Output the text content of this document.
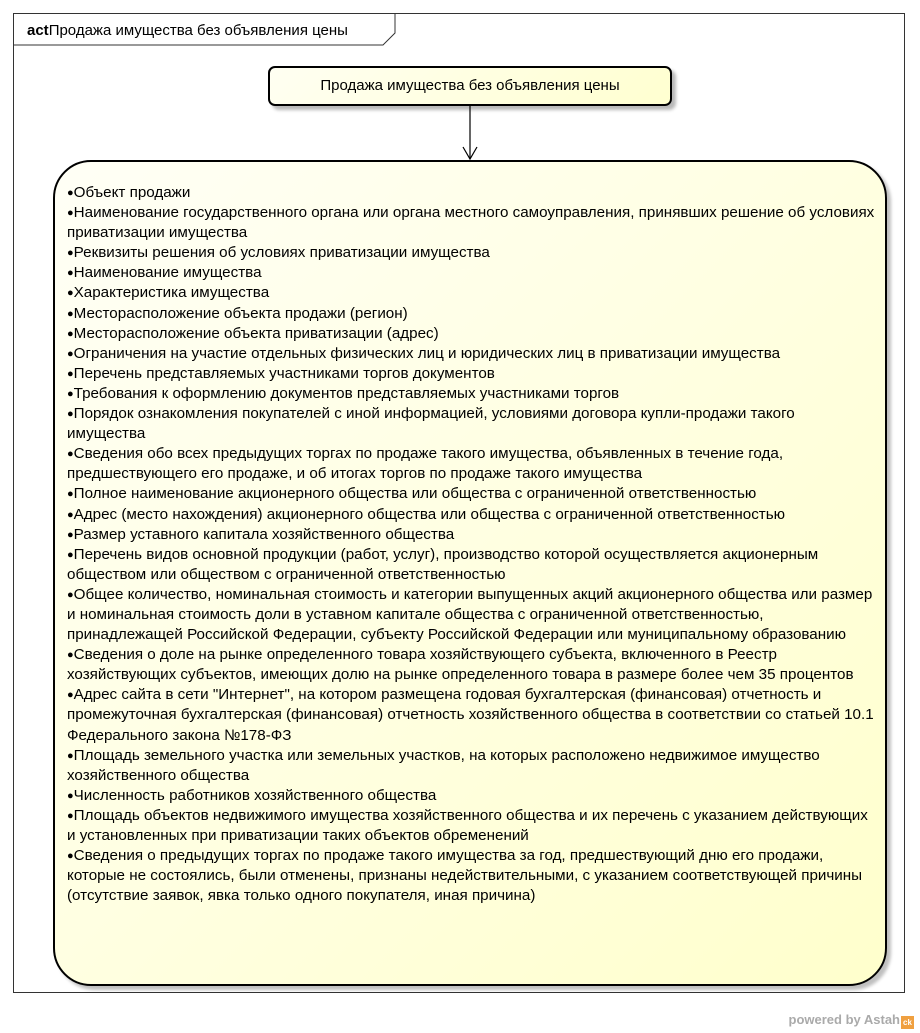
actПродажа имущества без объявления цены
Продажа имущества без объявления цены
● Объект продажи
● Наименование государственного органа или органа местного самоуправления, принявших решение об условиях приватизации имущества
● Реквизиты решения об условиях приватизации имущества
● Наименование имущества
● Характеристика имущества
● Месторасположение объекта продажи (регион)
● Месторасположение объекта приватизации (адрес)
● Ограничения на участие отдельных физических лиц и юридических лиц в приватизации имущества
● Перечень представляемых участниками торгов документов
● Требования к оформлению документов представляемых участниками торгов
● Порядок ознакомления покупателей с иной информацией, условиями договора купли-продажи такого имущества
● Сведения обо всех предыдущих торгах по продаже такого имущества, объявленных в течение года, предшествующего его продаже, и об итогах торгов по продаже такого имущества
● Полное наименование акционерного общества или общества с ограниченной ответственностью
● Адрес (место нахождения) акционерного общества или общества с ограниченной ответственностью
● Размер уставного капитала хозяйственного общества
● Перечень видов основной продукции (работ, услуг), производство которой осуществляется акционерным обществом или обществом с ограниченной ответственностью
● Общее количество, номинальная стоимость и категории выпущенных акций акционерного общества или размер и номинальная стоимость доли в уставном капитале общества с ограниченной ответственностью, принадлежащей Российской Федерации, субъекту Российской Федерации или муниципальному образованию
● Сведения о доле на рынке определенного товара хозяйствующего субъекта, включенного в Реестр хозяйствующих субъектов, имеющих долю на рынке определенного товара в размере более чем 35 процентов
● Адрес сайта в сети "Интернет", на котором размещена годовая бухгалтерская (финансовая) отчетность и промежуточная бухгалтерская (финансовая) отчетность хозяйственного общества в соответствии со статьей 10.1 Федерального закона №178-ФЗ
● Площадь земельного участка или земельных участков, на которых расположено недвижимое имущество хозяйственного общества
● Численность работников хозяйственного общества
● Площадь объектов недвижимого имущества хозяйственного общества и их перечень с указанием действующих и установленных при приватизации таких объектов обременений
● Сведения о предыдущих торгах по продаже такого имущества за год, предшествующий дню его продажи, которые не состоялись, были отменены, признаны недействительными, с указанием соответствующей причины (отсутствие заявок, явка только одного покупателя, иная причина)
powered by Astah ck
